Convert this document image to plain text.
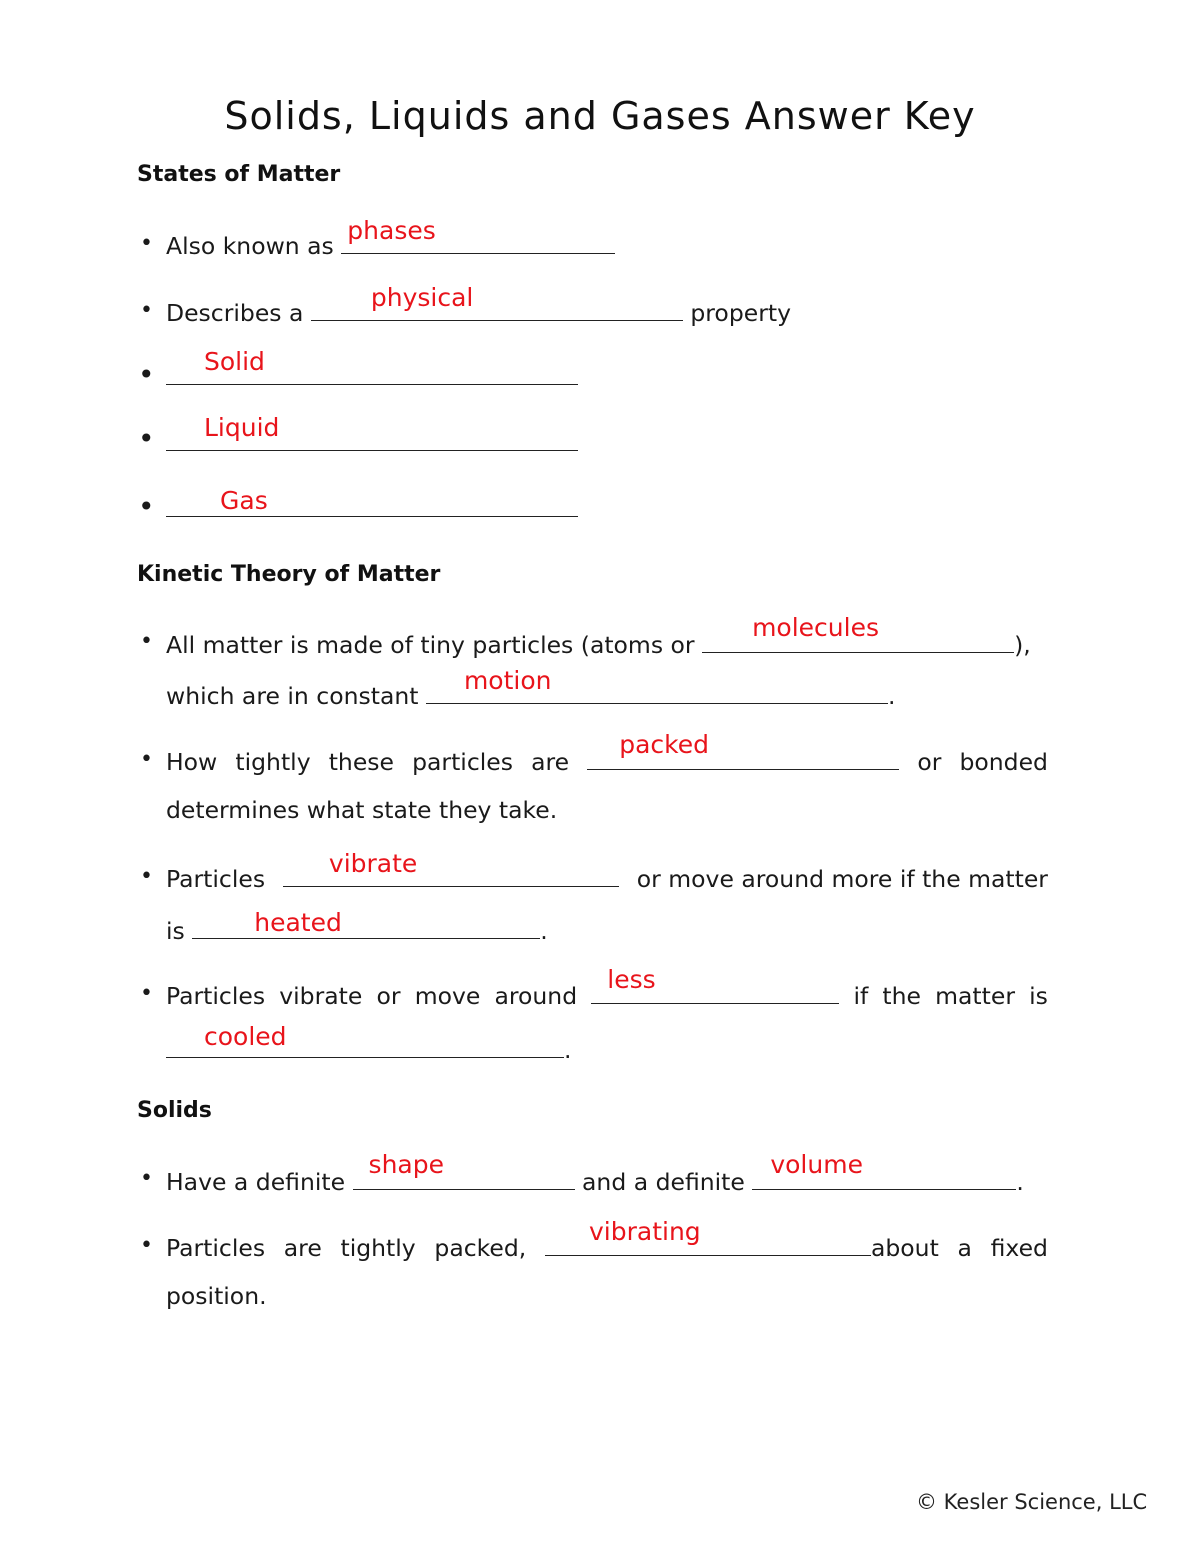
Solids, Liquids and Gases Answer Key
States of Matter
• Also known as
phases
• Describes a
physical
property
• Solid
• Liquid
•	Gas
Kinetic Theory of Matter
• All matter is made of tiny particles (atoms or
molecules
),
which are in constant
motion
.
• How tightly these particles are
packed
or bonded
determines what state they take.
• Particles
vibrate
or move around more if the matter
is	heated	.
• Particles vibrate or move around
less
if the matter is
cooled	.
Solids
• Have a definite
shape
and a definite
volume
.
• Particles are tightly packed,
vibrating
about a fixed
position.
© Kesler Science, LLC
